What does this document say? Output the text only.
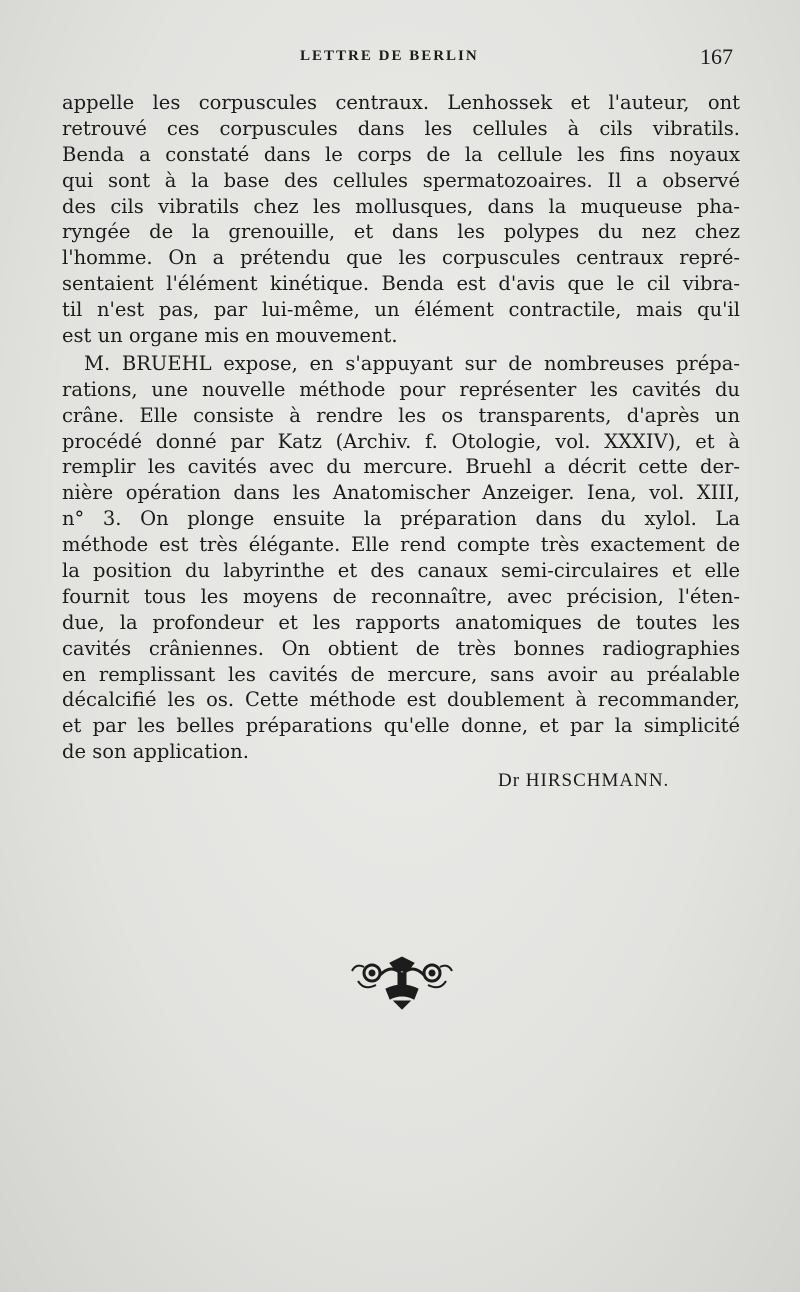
LETTRE DE BERLIN	167
appelle les corpuscules centraux. Lenhossek et l'auteur, ont
retrouvé ces corpuscules dans les cellules à cils vibratils.
Benda a constaté dans le corps de la cellule les fins noyaux
qui sont à la base des cellules spermatozoaires. Il a observé
des cils vibratils chez les mollusques, dans la muqueuse pha-
ryngée de la grenouille, et dans les polypes du nez chez
l'homme. On a prétendu que les corpuscules centraux repré-
sentaient l'élément kinétique. Benda est d'avis que le cil vibra-
til n'est pas, par lui-même, un élément contractile, mais qu'il
est un organe mis en mouvement.
M. BRUEHL expose, en s'appuyant sur de nombreuses prépa-
rations, une nouvelle méthode pour représenter les cavités du
crâne. Elle consiste à rendre les os transparents, d'après un
procédé donné par Katz (Archiv. f. Otologie, vol. XXXIV), et à
remplir les cavités avec du mercure. Bruehl a décrit cette der-
nière opération dans les Anatomischer Anzeiger. Iena, vol. XIII,
n° 3. On plonge ensuite la préparation dans du xylol. La
méthode est très élégante. Elle rend compte très exactement de
la position du labyrinthe et des canaux semi-circulaires et elle
fournit tous les moyens de reconnaître, avec précision, l'éten-
due, la profondeur et les rapports anatomiques de toutes les
cavités crâniennes. On obtient de très bonnes radiographies
en remplissant les cavités de mercure, sans avoir au préalable
décalcifié les os. Cette méthode est doublement à recommander,
et par les belles préparations qu'elle donne, et par la simplicité
de son application.
Dr HIRSCHMANN.
